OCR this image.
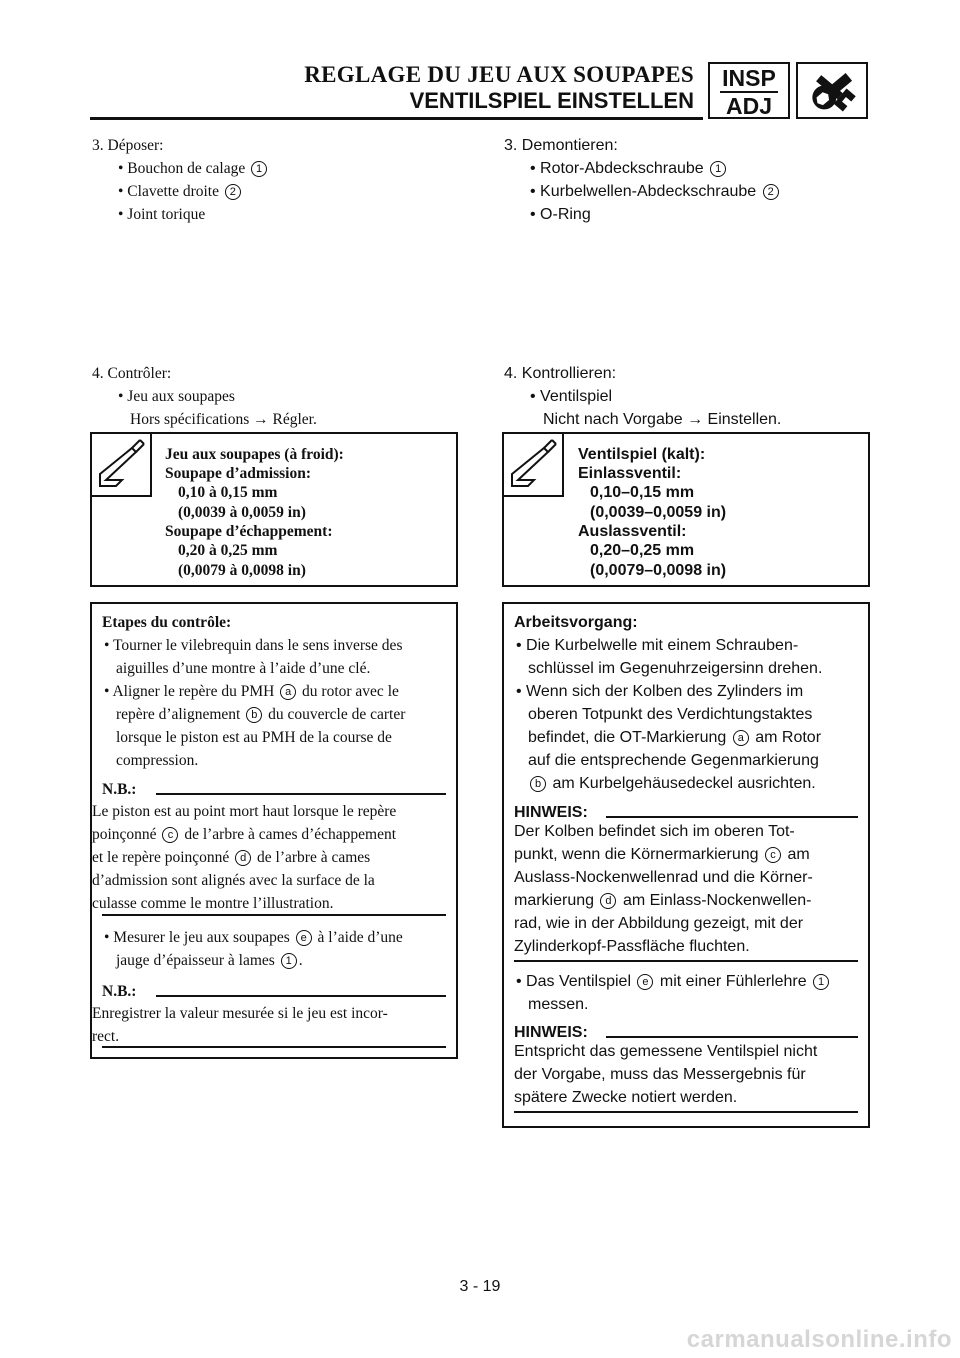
REGLAGE DU JEU AUX SOUPAPES
VENTILSPIEL EINSTELLEN
INSP
ADJ
3. Déposer:
• Bouchon de calage 1
• Clavette droite 2
• Joint torique
4. Contrôler:
• Jeu aux soupapes
Hors spécifications → Régler.
Jeu aux soupapes (à froid):
Soupape d’admission:
0,10 à 0,15 mm
(0,0039 à 0,0059 in)
Soupape d’échappement:
0,20 à 0,25 mm
(0,0079 à 0,0098 in)
Etapes du contrôle:
• Tourner le vilebrequin dans le sens inverse des
aiguilles d’une montre à l’aide d’une clé.
• Aligner le repère du PMH a du rotor avec le
repère d’alignement b du couvercle de carter
lorsque le piston est au PMH de la course de
compression.
N.B.:
Le piston est au point mort haut lorsque le repère
poinçonné c de l’arbre à cames d’échappement
et le repère poinçonné d de l’arbre à cames
d’admission sont alignés avec la surface de la
culasse comme le montre l’illustration.
• Mesurer le jeu aux soupapes e à l’aide d’une
jauge d’épaisseur à lames 1 .
N.B.:
Enregistrer la valeur mesurée si le jeu est incor-
rect.
3. Demontieren:
• Rotor-Abdeckschraube 1
• Kurbelwellen-Abdeckschraube 2
• O-Ring
4. Kontrollieren:
• Ventilspiel
Nicht nach Vorgabe → Einstellen.
Ventilspiel (kalt):
Einlassventil:
0,10–0,15 mm
(0,0039–0,0059 in)
Auslassventil:
0,20–0,25 mm
(0,0079–0,0098 in)
Arbeitsvorgang:
• Die Kurbelwelle mit einem Schrauben-
schlüssel im Gegenuhrzeigersinn drehen.
• Wenn sich der Kolben des Zylinders im
oberen Totpunkt des Verdichtungstaktes
befindet, die OT-Markierung a am Rotor
auf die entsprechende Gegenmarkierung
b am Kurbelgehäusedeckel ausrichten.
HINWEIS:
Der Kolben befindet sich im oberen Tot-
punkt, wenn die Körnermarkierung c am
Auslass-Nockenwellenrad und die Körner-
markierung d am Einlass-Nockenwellen-
rad, wie in der Abbildung gezeigt, mit der
Zylinderkopf-Passfläche fluchten.
• Das Ventilspiel e mit einer Fühlerlehre 1
messen.
HINWEIS:
Entspricht das gemessene Ventilspiel nicht
der Vorgabe, muss das Messergebnis für
spätere Zwecke notiert werden.
3 - 19
carmanualsonline.info
